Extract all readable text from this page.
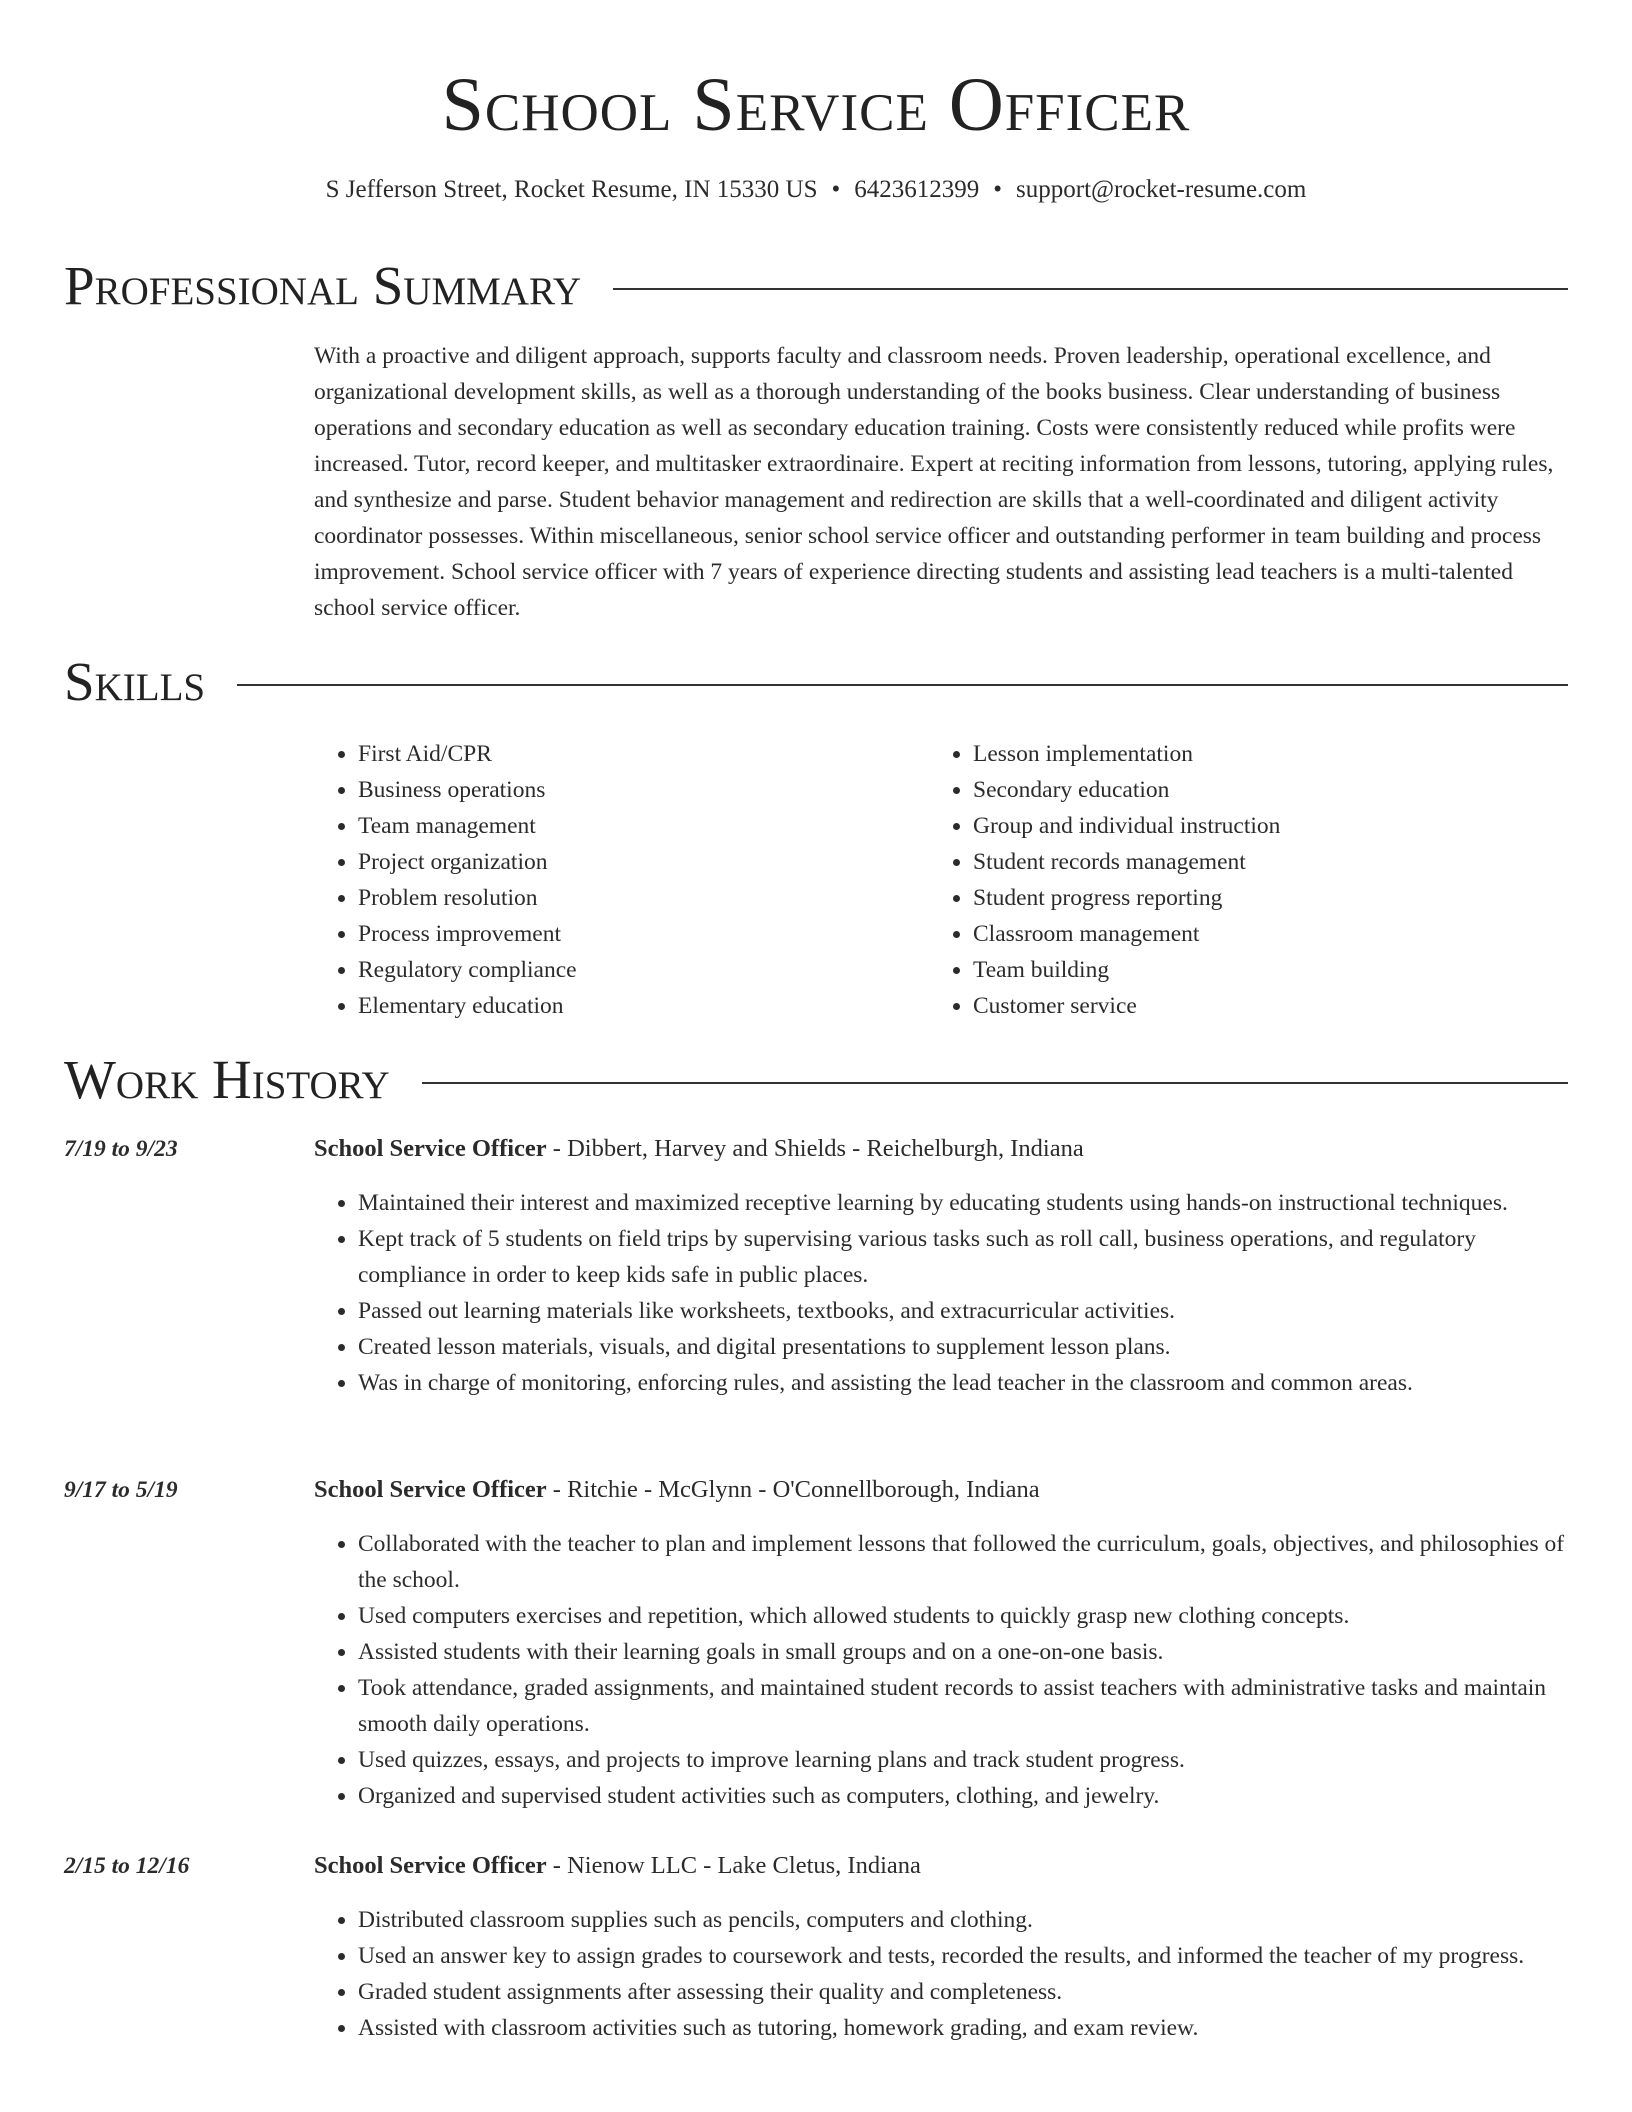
School Service Officer
S Jefferson Street, Rocket Resume, IN 15330 US • 6423612399 • support@rocket-resume.com
Professional Summary

With a proactive and diligent approach, supports faculty and classroom needs. Proven leadership, operational excellence, and organizational development skills, as well as a thorough understanding of the books business. Clear understanding of business operations and secondary education as well as secondary education training. Costs were consistently reduced while profits were increased. Tutor, record keeper, and multitasker extraordinaire. Expert at reciting information from lessons, tutoring, applying rules, and synthesize and parse. Student behavior management and redirection are skills that a well-coordinated and diligent activity coordinator possesses. Within miscellaneous, senior school service officer and outstanding performer in team building and process improvement. School service officer with 7 years of experience directing students and assisting lead teachers is a multi-talented school service officer.

Skills
• First Aid/CPR
• Business operations
• Team management
• Project organization
• Problem resolution
• Process improvement
• Regulatory compliance
• Elementary education
• Lesson implementation
• Secondary education
• Group and individual instruction
• Student records management
• Student progress reporting
• Classroom management
• Team building
• Customer service
Work History
7/19 to 9/23	School Service Officer - Dibbert, Harvey and Shields - Reichelburgh, Indiana
• Maintained their interest and maximized receptive learning by educating students using hands-on instructional techniques.
• Kept track of 5 students on field trips by supervising various tasks such as roll call, business operations, and regulatory compliance in order to keep kids safe in public places.
• Passed out learning materials like worksheets, textbooks, and extracurricular activities.
• Created lesson materials, visuals, and digital presentations to supplement lesson plans.
• Was in charge of monitoring, enforcing rules, and assisting the lead teacher in the classroom and common areas.
9/17 to 5/19	School Service Officer - Ritchie - McGlynn - O'Connellborough, Indiana
• Collaborated with the teacher to plan and implement lessons that followed the curriculum, goals, objectives, and philosophies of the school.
• Used computers exercises and repetition, which allowed students to quickly grasp new clothing concepts.
• Assisted students with their learning goals in small groups and on a one-on-one basis.
• Took attendance, graded assignments, and maintained student records to assist teachers with administrative tasks and maintain smooth daily operations.
• Used quizzes, essays, and projects to improve learning plans and track student progress.
• Organized and supervised student activities such as computers, clothing, and jewelry.
2/15 to 12/16	School Service Officer - Nienow LLC - Lake Cletus, Indiana
• Distributed classroom supplies such as pencils, computers and clothing.
• Used an answer key to assign grades to coursework and tests, recorded the results, and informed the teacher of my progress.
• Graded student assignments after assessing their quality and completeness.
• Assisted with classroom activities such as tutoring, homework grading, and exam review.
